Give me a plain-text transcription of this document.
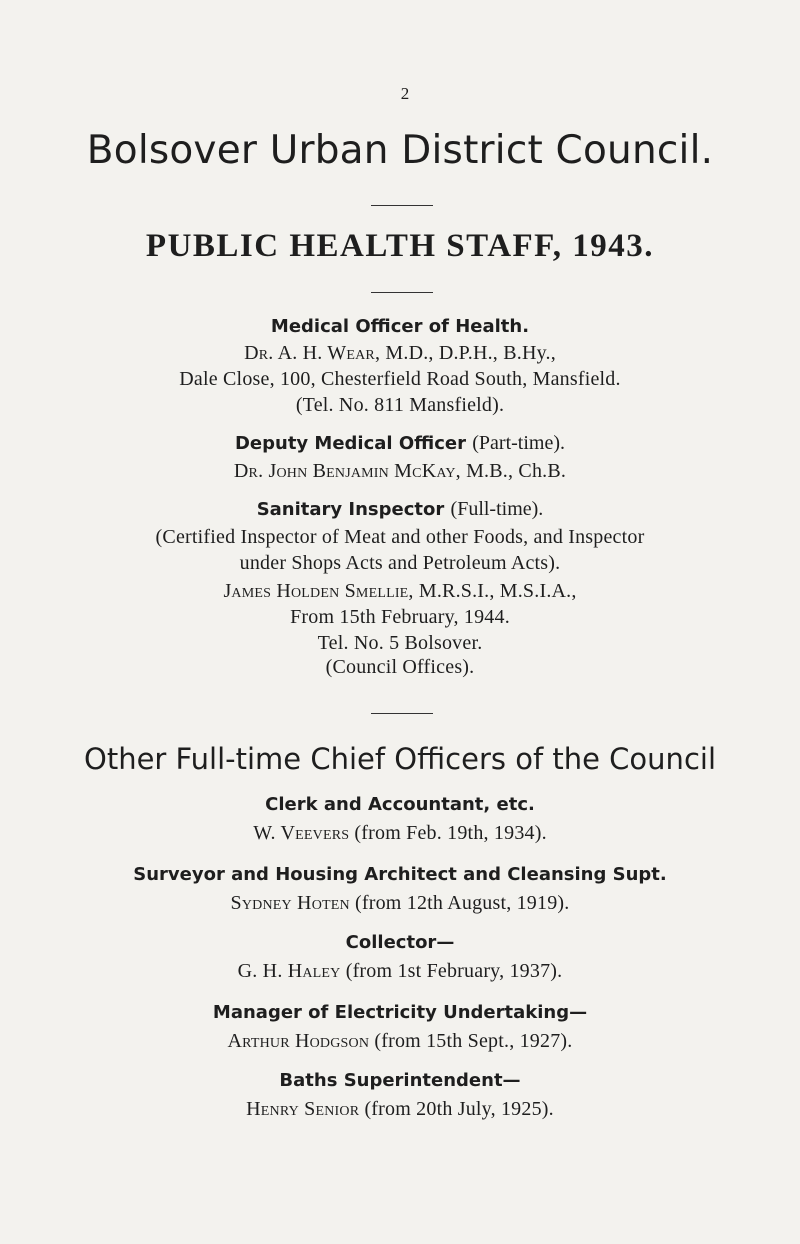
2
Bolsover Urban District Council.
PUBLIC HEALTH STAFF, 1943.
Medical Officer of Health.
Dr. A. H. Wear, M.D., D.P.H., B.Hy.,
Dale Close, 100, Chesterfield Road South, Mansfield.
(Tel. No. 811 Mansfield).
Deputy Medical Officer (Part-time).
Dr. John Benjamin McKay, M.B., Ch.B.
Sanitary Inspector (Full-time).
(Certified Inspector of Meat and other Foods, and Inspector
under Shops Acts and Petroleum Acts).
James Holden Smellie, M.R.S.I., M.S.I.A.,
From 15th February, 1944.
Tel. No. 5 Bolsover.
(Council Offices).
Other Full-time Chief Officers of the Council
Clerk and Accountant, etc.
W. Veevers (from Feb. 19th, 1934).
Surveyor and Housing Architect and Cleansing Supt.
Sydney Hoten (from 12th August, 1919).
Collector—
G. H. Haley (from 1st February, 1937).
Manager of Electricity Undertaking—
Arthur Hodgson (from 15th Sept., 1927).
Baths Superintendent—
Henry Senior (from 20th July, 1925).
